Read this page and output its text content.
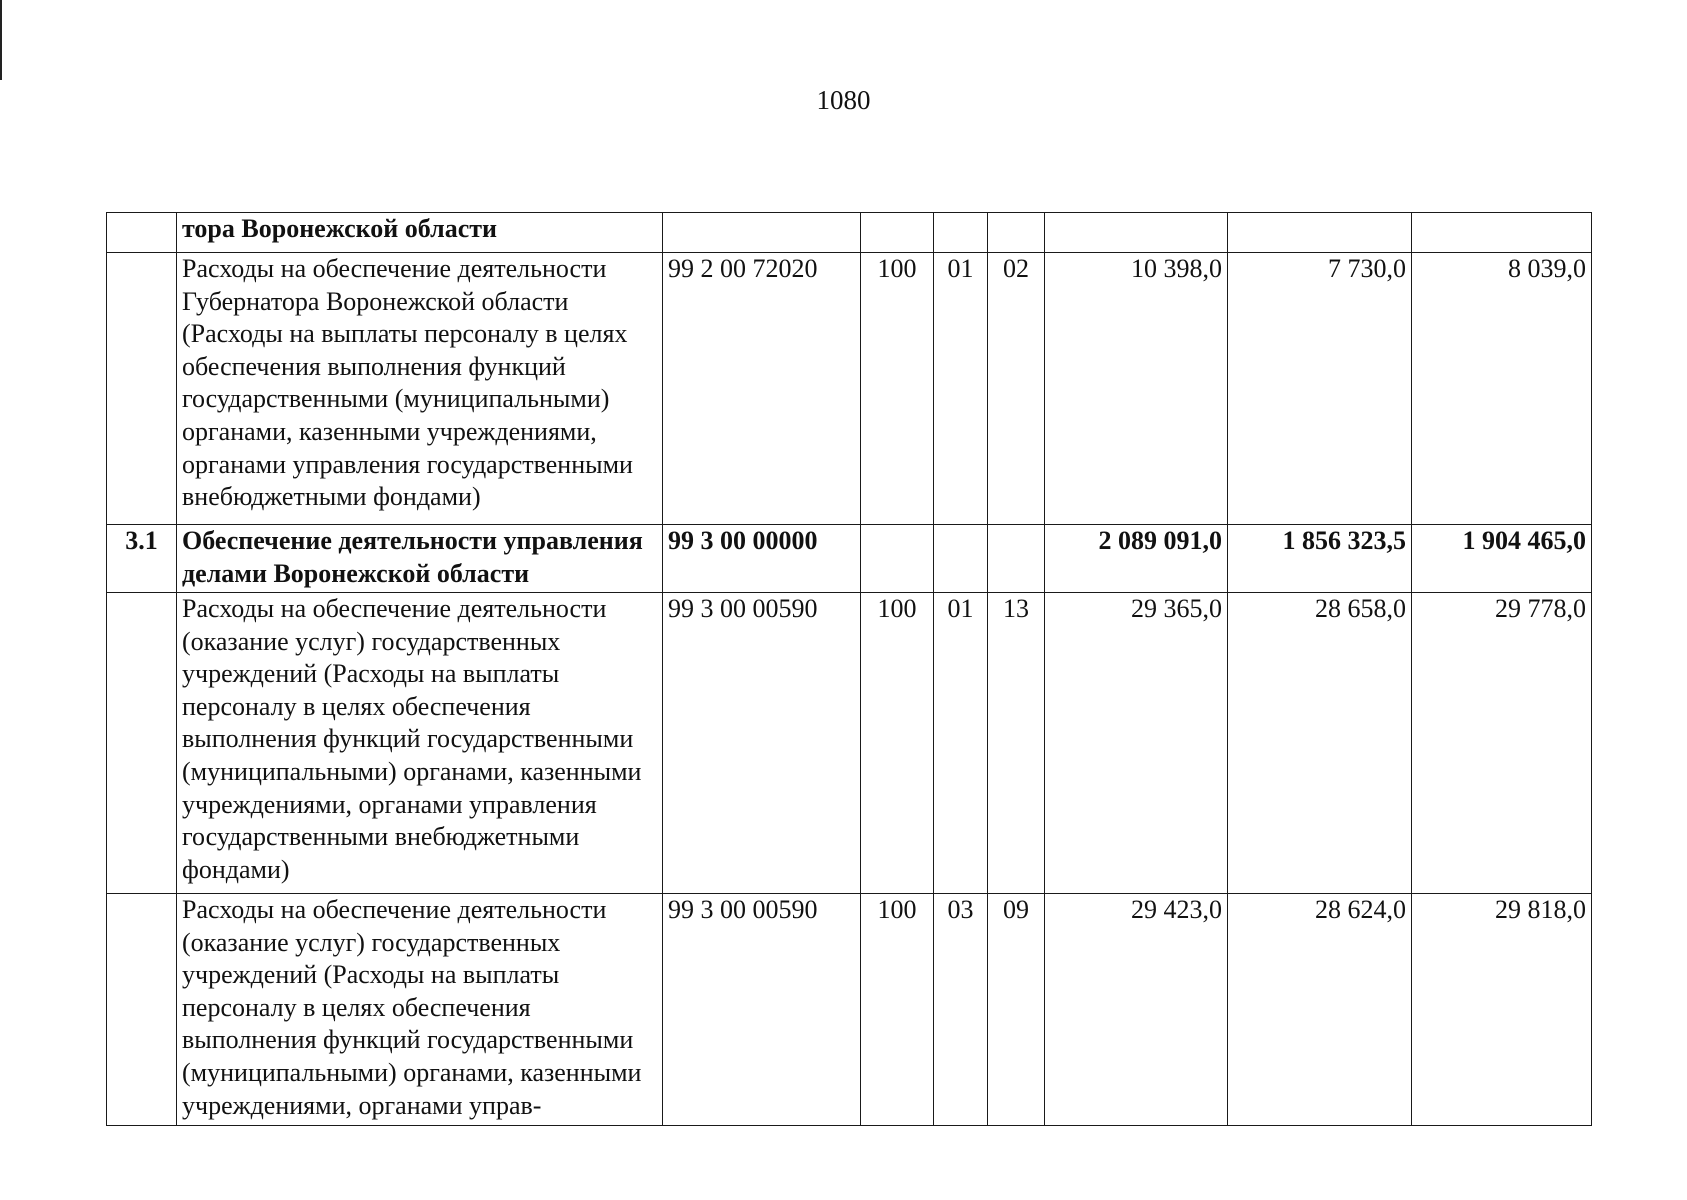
1080
	тора Воронежской области							
	Расходы на обеспечение деятельности Губернатора Воронежской области (Расходы на выплаты персоналу в целях обеспечения выполнения функций государственными (муниципальными) органами, казенными учреждениями, органами управления государственными внебюджетными фондами)	99 2 00 72020	100	01	02	10 398,0	7 730,0	8 039,0
3.1	Обеспечение деятельности управления делами Воронежской области	99 3 00 00000				2 089 091,0	1 856 323,5	1 904 465,0
	Расходы на обеспечение деятельности (оказание услуг) государственных учреждений (Расходы на выплаты персоналу в целях обеспечения выполнения функций государственными (муниципальными) органами, казенными учреждениями, органами управления государственными внебюджетными фондами)	99 3 00 00590	100	01	13	29 365,0	28 658,0	29 778,0
	Расходы на обеспечение деятельности (оказание услуг) государственных учреждений (Расходы на выплаты персоналу в целях обеспечения выполнения функций государственными (муниципальными) органами, казенными учреждениями, органами управ-	99 3 00 00590	100	03	09	29 423,0	28 624,0	29 818,0
